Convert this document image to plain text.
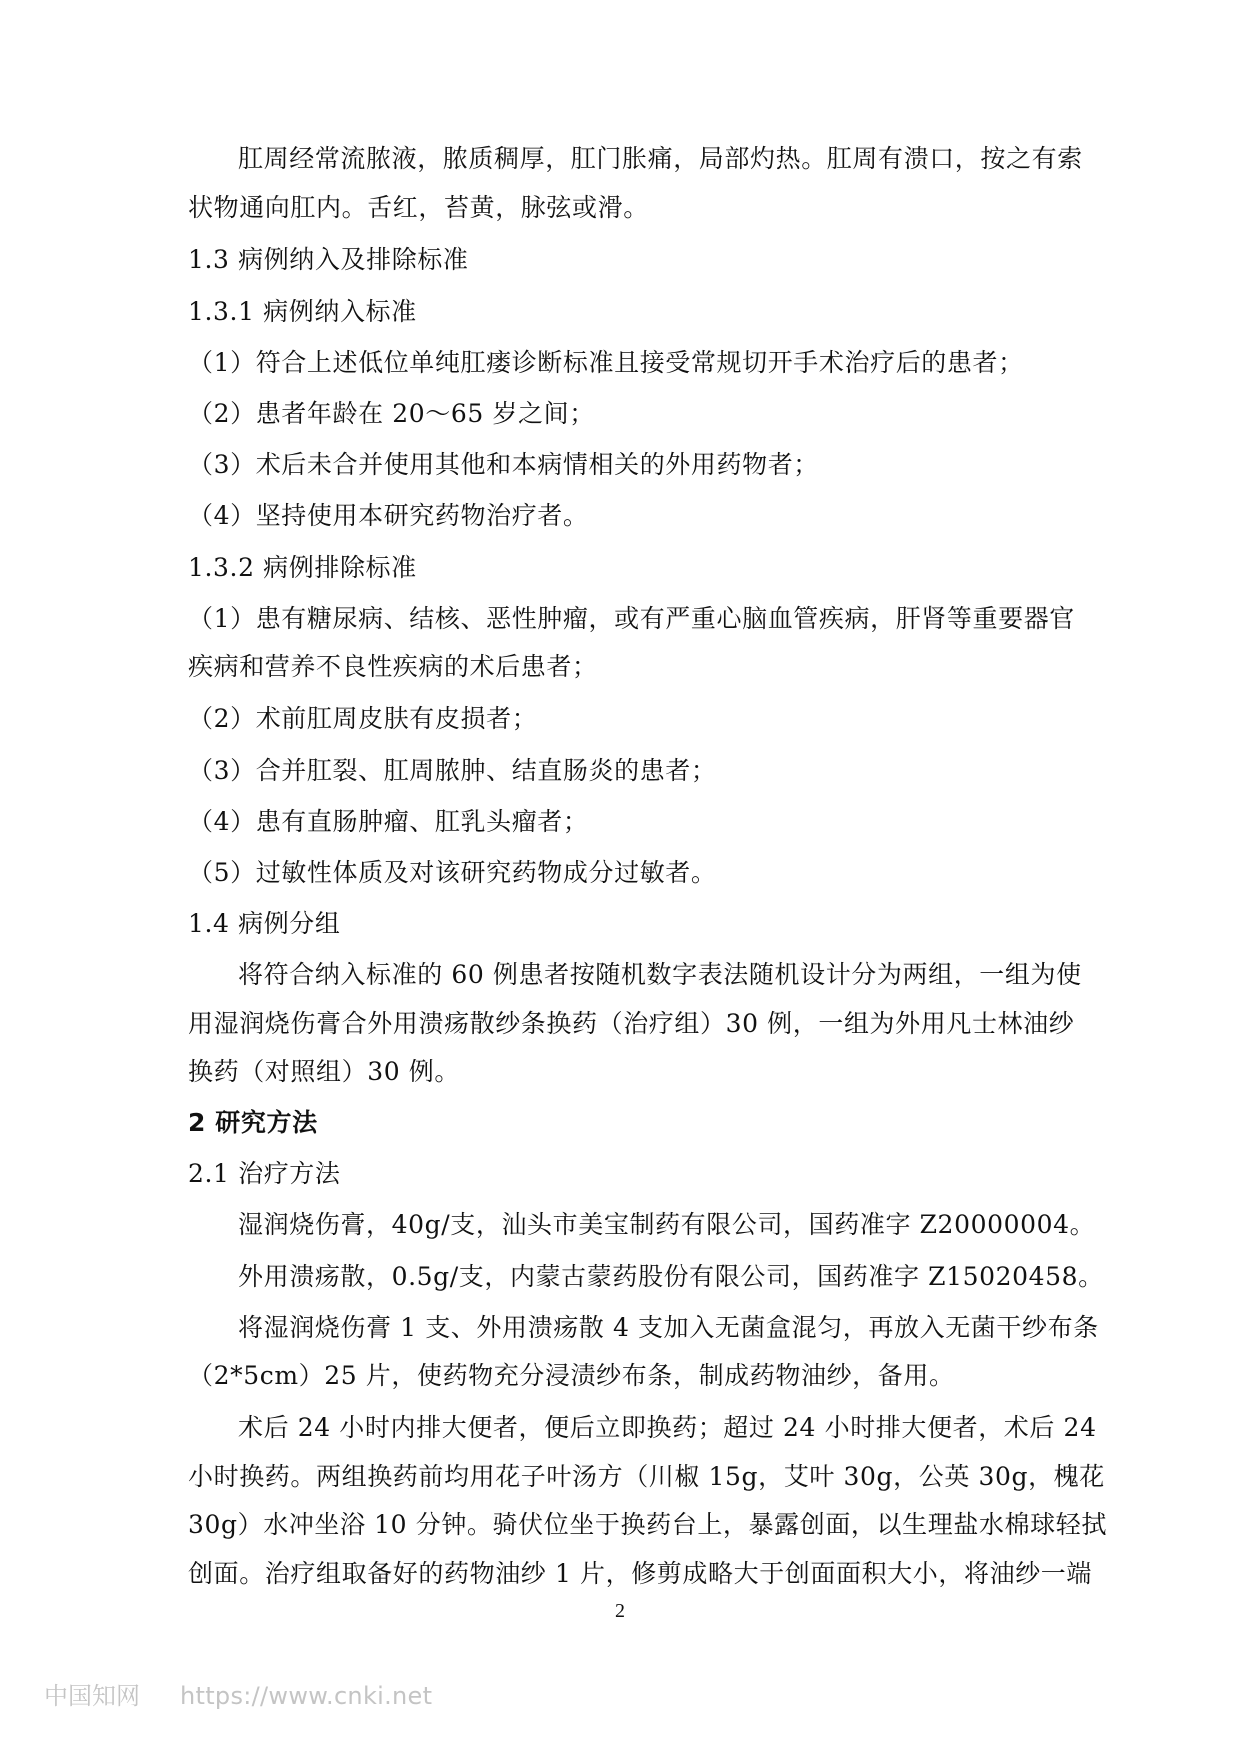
肛周经常流脓液，脓质稠厚，肛门胀痛，局部灼热。肛周有溃口，按之有索
状物通向肛内。舌红，苔黄，脉弦或滑。
1.3 病例纳入及排除标准
1.3.1 病例纳入标准
（1）符合上述低位单纯肛瘘诊断标准且接受常规切开手术治疗后的患者；
（2）患者年龄在 20～65 岁之间；
（3）术后未合并使用其他和本病情相关的外用药物者；
（4）坚持使用本研究药物治疗者。
1.3.2 病例排除标准
（1）患有糖尿病、结核、恶性肿瘤，或有严重心脑血管疾病，肝肾等重要器官
疾病和营养不良性疾病的术后患者；
（2）术前肛周皮肤有皮损者；
（3）合并肛裂、肛周脓肿、结直肠炎的患者；
（4）患有直肠肿瘤、肛乳头瘤者；
（5）过敏性体质及对该研究药物成分过敏者。
1.4 病例分组
将符合纳入标准的 60 例患者按随机数字表法随机设计分为两组，一组为使
用湿润烧伤膏合外用溃疡散纱条换药（治疗组）30 例，一组为外用凡士林油纱
换药（对照组）30 例。
2 研究方法
2.1 治疗方法
湿润烧伤膏，40g/支，汕头市美宝制药有限公司，国药准字 Z20000004。
外用溃疡散，0.5g/支，内蒙古蒙药股份有限公司，国药准字 Z15020458。
将湿润烧伤膏 1 支、外用溃疡散 4 支加入无菌盒混匀，再放入无菌干纱布条
（2*5cm）25 片，使药物充分浸渍纱布条，制成药物油纱，备用。
术后 24 小时内排大便者，便后立即换药；超过 24 小时排大便者，术后 24
小时换药。两组换药前均用花子叶汤方（川椒 15g，艾叶 30g，公英 30g，槐花
30g）水冲坐浴 10 分钟。骑伏位坐于换药台上，暴露创面，以生理盐水棉球轻拭
创面。治疗组取备好的药物油纱 1 片，修剪成略大于创面面积大小，将油纱一端
2
中国知网 https://www.cnki.net
